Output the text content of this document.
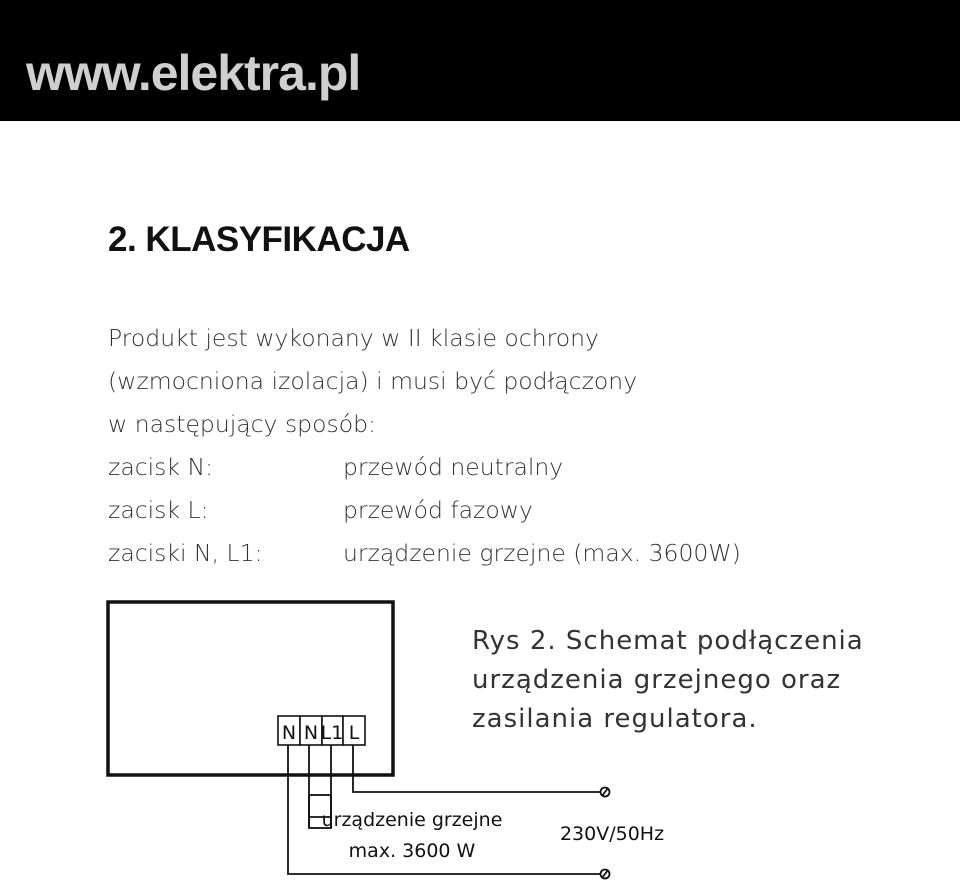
www.elektra.pl
2. KLASYFIKACJA
Produkt jest wykonany w II klasie ochrony
(wzmocniona izolacja) i musi być podłączony
w następujący sposób:
zacisk N:	przewód neutralny
zacisk L:	przewód fazowy
zaciski N, L1:	urządzenie grzejne (max. 3600W)
N N L1 L
urządzenie grzejne
max. 3600 W
230V/50Hz
Rys 2. Schemat podłączenia
urządzenia grzejnego oraz
zasilania regulatora.
